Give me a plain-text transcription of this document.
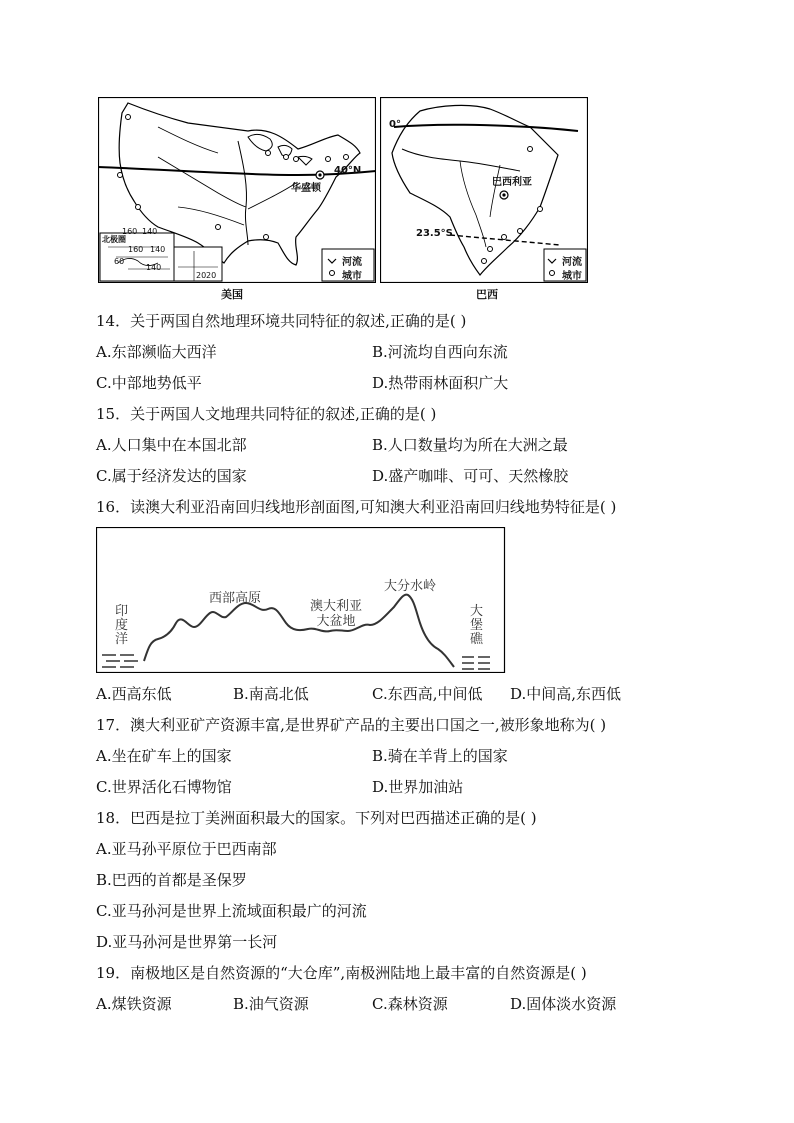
华盛顿
40°N
北极圈
160 140
160 140
60
140
20 20
河流
城市
美国
0°
巴西利亚
23.5°S
河流
城市
巴西
14．关于两国自然地理环境共同特征的叙述,正确的是( )
A.东部濒临大西洋	B.河流均自西向东流
C.中部地势低平	D.热带雨林面积广大
15．关于两国人文地理共同特征的叙述,正确的是( )
A.人口集中在本国北部	B.人口数量均为所在大洲之最
C.属于经济发达的国家	D.盛产咖啡、可可、天然橡胶
16．读澳大利亚沿南回归线地形剖面图,可知澳大利亚沿南回归线地势特征是( )
印度洋
西部高原
澳大利亚大盆地
大分水岭
大堡礁
A.西高东低	B.南高北低	C.东西高,中间低 D.中间高,东西低
17．澳大利亚矿产资源丰富,是世界矿产品的主要出口国之一,被形象地称为( )
A.坐在矿车上的国家	B.骑在羊背上的国家
C.世界活化石博物馆	D.世界加油站
18．巴西是拉丁美洲面积最大的国家。下列对巴西描述正确的是( )
A.亚马孙平原位于巴西南部
B.巴西的首都是圣保罗
C.亚马孙河是世界上流域面积最广的河流
D.亚马孙河是世界第一长河
19．南极地区是自然资源的“大仓库”,南极洲陆地上最丰富的自然资源是( )
A.煤铁资源	B.油气资源	C.森林资源	D.固体淡水资源
